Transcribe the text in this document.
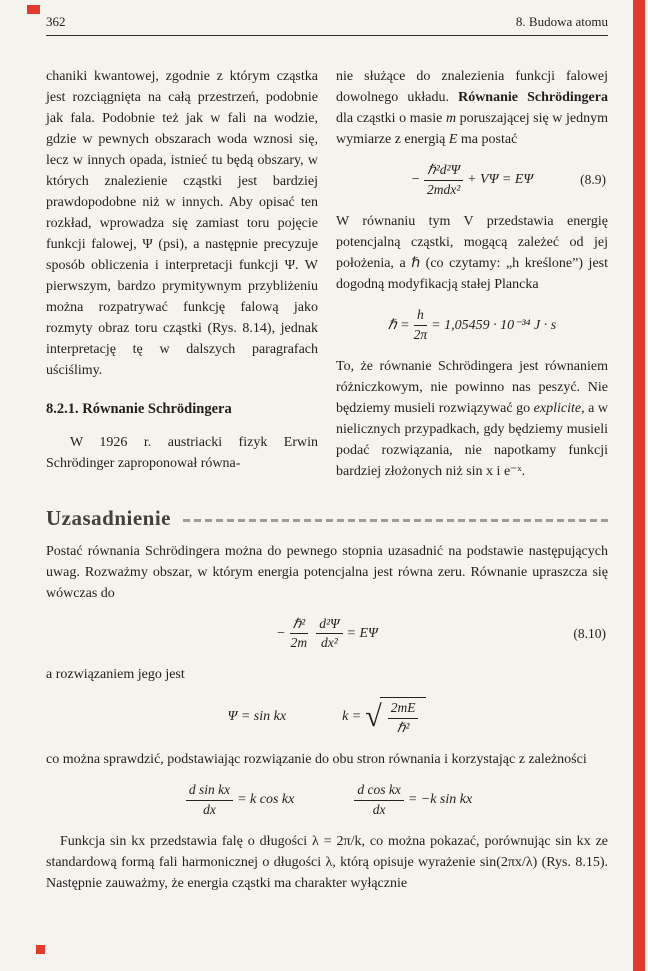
362	8. Budowa atomu

chaniki kwantowej, zgodnie z którym cząstka jest rozciągnięta na całą przestrzeń, podobnie jak fala. Podobnie też jak w fali na wodzie, gdzie w pewnych obszarach woda wznosi się, lecz w innych opada, istnieć tu będą obszary, w których znalezienie cząstki jest bardziej prawdopodobne niż w innych. Aby opisać ten rozkład, wprowadza się zamiast toru pojęcie funkcji falowej, Ψ (psi), a następnie precyzuje sposób obliczenia i interpretacji funkcji Ψ. W pierwszym, bardzo prymitywnym przybliżeniu można rozpatrywać funkcję falową jako rozmyty obraz toru cząstki (Rys. 8.14), jednak interpretację tę w dalszych paragrafach uściślimy.

8.2.1. Równanie Schrödingera

W 1926 r. austriacki fizyk Erwin Schrödinger zaproponował równa-

nie służące do znalezienia funkcji falowej dowolnego układu. Równanie Schrödingera dla cząstki o masie m poruszającej się w jednym wymiarze z energią E ma postać

− $\frac{\text{ℏ²d²Ψ}}{\text{2mdx²}} + V\Psi = E\Psi$	(8.9)

W równaniu tym V przedstawia energię potencjalną cząstki, mogącą zależeć od jej położenia, a ℏ (co czytamy: „h kreślone”) jest dogodną modyfikacją stałej Plancka

ℏ = $\frac{h}{2\pi} = 1,05459 \cdot 10^{-34}$ J · s

To, że równanie Schrödingera jest równaniem różniczkowym, nie powinno nas peszyć. Nie będziemy musieli rozwiązywać go explicite, a w nielicznych przypadkach, gdy będziemy musieli podać rozwiązania, nie napotkamy funkcji bardziej złożonych niż sin x i e⁻ˣ.

Uzasadnienie

Postać równania Schrödingera można do pewnego stopnia uzasadnić na podstawie następujących uwag. Rozważmy obszar, w którym energia potencjalna jest równa zeru. Równanie upraszcza się wówczas do

− $\frac{\text{ℏ²}}{2m} \frac{\text{d²Ψ}}{\text{dx²}} = E\Psi$	(8.10)

a rozwiązaniem jego jest

Ψ = sin kx	k = √ $\frac{2mE}{\text{ℏ²}}$

co można sprawdzić, podstawiając rozwiązanie do obu stron równania i korzystając z zależności

$\frac{\text{d sin kx}}{dx} = k$ cos kx	$\frac{\text{d cos kx}}{dx} = -k$ sin kx

Funkcja sin kx przedstawia falę o długości λ = 2π/k, co można pokazać, porównując sin kx ze standardową formą fali harmonicznej o długości λ, którą opisuje wyrażenie sin(2πx/λ) (Rys. 8.15). Następnie zauważmy, że energia cząstki ma charakter wyłącznie
